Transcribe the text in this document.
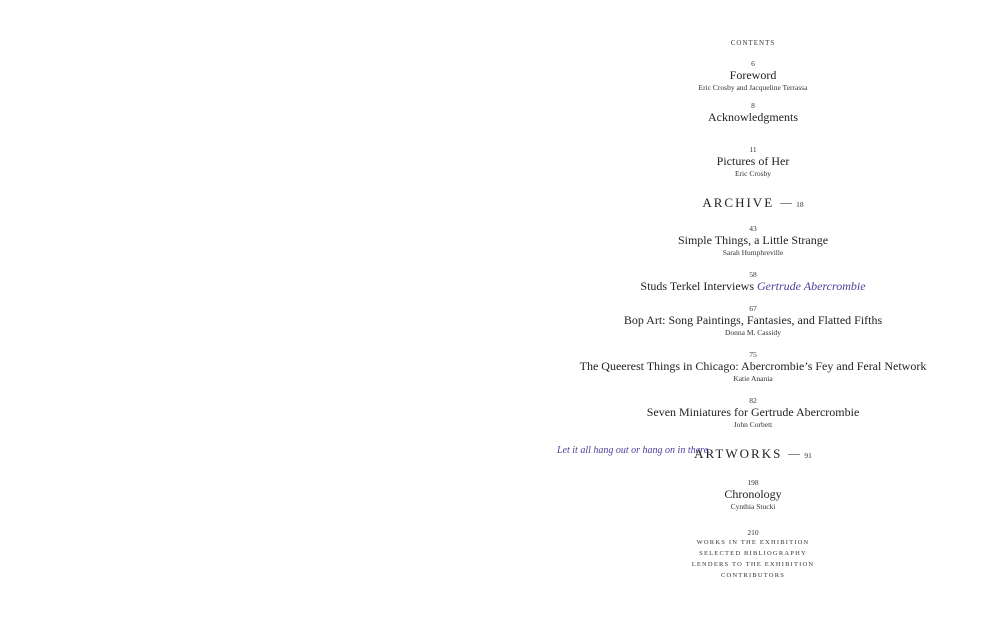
CONTENTS
6
Foreword
Eric Crosby and Jacqueline Terrassa
8
Acknowledgments
11
Pictures of Her
Eric Crosby
ARCHIVE	18
43
Simple Things, a Little Strange
Sarah Humphreville
58
Studs Terkel Interviews Gertrude Abercrombie
67
Bop Art: Song Paintings, Fantasies, and Flatted Fifths
Donna M. Cassidy
75
The Queerest Things in Chicago: Abercrombie’s Fey and Feral Network
Katie Anania
82
Seven Miniatures for Gertrude Abercrombie
John Corbett
Let it all hang out or hang on in there.
ARTWORKS	91
198
Chronology
Cynthia Stucki
210
WORKS IN THE EXHIBITION
SELECTED BIBLIOGRAPHY
LENDERS TO THE EXHIBITION
CONTRIBUTORS
